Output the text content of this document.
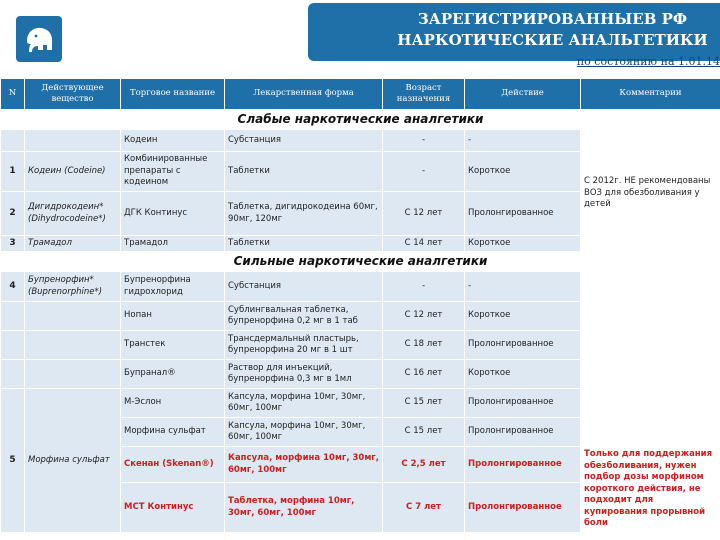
ЗАРЕГИСТРИРОВАННЫЕВ РФ
НАРКОТИЧЕСКИЕ АНАЛЬГЕТИКИ
по состоянию на 1.01.14
N	Действующее вещество	Торговое название	Лекарственная форма	Возраст назначения	Действие	Комментарии
Слабые наркотические аналгетики						
		Кодеин	Субстанция	-	-	
1	Кодеин (Codeine)	Комбинированные препараты с кодеином	Таблетки	-	Короткое	С 2012г. НЕ рекомендованы ВОЗ для обезболивания у детей
2	Дигидрокодеин* (Dihydrocodeine*)	ДГК Континус	Таблетка, дигидрокодеина 60мг, 90мг, 120мг	С 12 лет	Пролонгированное	
3	Трамадол	Трамадол	Таблетки	С 14 лет	Короткое	
Сильные наркотические аналгетики						
4	Бупренорфин* (Buprenorphine*)	Бупренорфина гидрохлорид	Субстанция	-	-	
		Нопан	Сублингвальная таблетка, бупренорфина 0,2 мг в 1 таб	С 12 лет	Короткое	
		Транстек	Трансдермальный пластырь, бупренорфина 20 мг в 1 шт	С 18 лет	Пролонгированное	
		Бупранал®	Раствор для инъекций, бупренорфина 0,3 мг в 1мл	С 16 лет	Короткое	
5	Морфина сульфат	М-Эслон	Капсула, морфина 10мг, 30мг, 60мг, 100мг	С 15 лет	Пролонгированное	
		Морфина сульфат	Капсула, морфина 10мг, 30мг, 60мг, 100мг	С 15 лет	Пролонгированное	
		Скенан (Skenan®)	Капсула, морфина 10мг, 30мг, 60мг, 100мг	С 2,5 лет	Пролонгированное	Только для поддержания обезболивания, нужен подбор дозы морфином короткого действия, не подходит для купирования прорывной боли
		МСТ Континус	Таблетка, морфина 10мг, 30мг, 60мг, 100мг	С 7 лет	Пролонгированное	
